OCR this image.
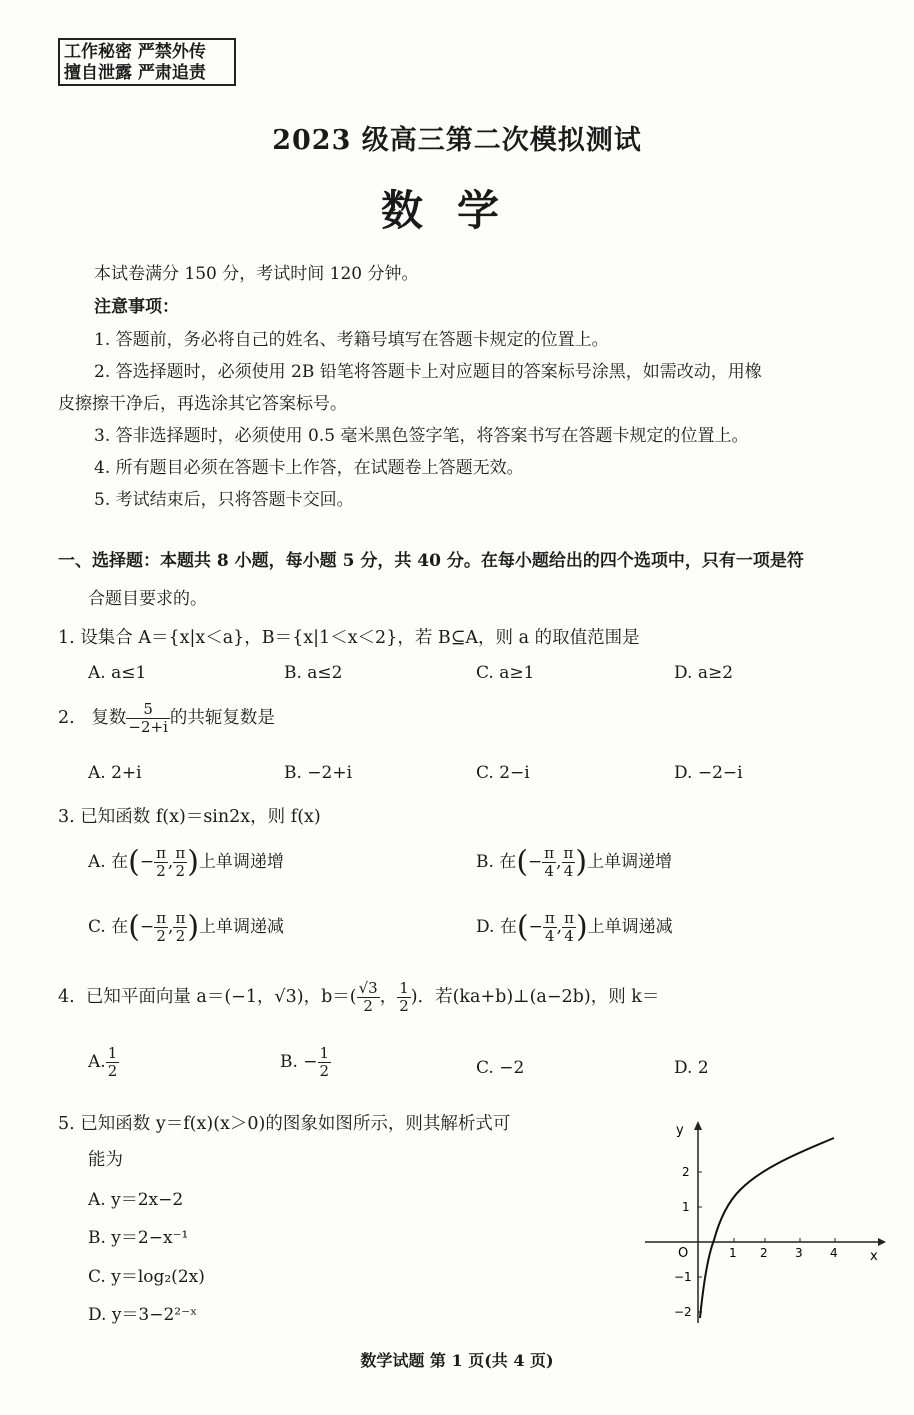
工作秘密 严禁外传
擅自泄露 严肃追责
2023 级高三第二次模拟测试
数学
本试卷满分 150 分，考试时间 120 分钟。
注意事项：
1. 答题前，务必将自己的姓名、考籍号填写在答题卡规定的位置上。
2. 答选择题时，必须使用 2B 铅笔将答题卡上对应题目的答案标号涂黑，如需改动，用橡
皮擦擦干净后，再选涂其它答案标号。
3. 答非选择题时，必须使用 0.5 毫米黑色签字笔，将答案书写在答题卡规定的位置上。
4. 所有题目必须在答题卡上作答，在试题卷上答题无效。
5. 考试结束后，只将答题卡交回。
一、选择题：本题共 8 小题，每小题 5 分，共 40 分。在每小题给出的四个选项中，只有一项是符
合题目要求的。
1. 设集合 A＝{x|x＜a}，B＝{x|1＜x＜2}，若 B⊆A，则 a 的取值范围是
A. a≤1	B. a≤2	C. a≥1	D. a≥2
2. 复数 $\frac{5}{-2+i}$ 的共轭复数是
A. 2+i	B. −2+i	C. 2−i	D. −2−i
3. 已知函数 f(x)＝sin2x，则 f(x)
A. 在(− $\frac{\pi}{2}$ , $\frac{\pi}{2}$ )上单调递增	B. 在(− $\frac{\pi}{4}$ , $\frac{\pi}{4}$ )上单调递增
C. 在(− $\frac{\pi}{2}$ , $\frac{\pi}{2}$ )上单调递减	D. 在(− $\frac{\pi}{4}$ , $\frac{\pi}{4}$ )上单调递减
4. 已知平面向量 a＝(−1，√3)，$b=( \frac{√3}{2}$ ， $\frac{1}{2}$ )．若(ka+b)⊥(a−2b)，则 k＝
A. $\frac{1}{2}$	B. − $\frac{1}{2}$	C. −2	D. 2
5. 已知函数 y＝f(x)(x＞0)的图象如图所示，则其解析式可
能为
A. y＝2x−2
B. y＝2−x⁻¹
C. y＝log₂(2x)
D. y＝3−2²⁻ˣ
y
x
O	1 2 3 4
2
1
−1
−2
数学试题 第 1 页(共 4 页)
